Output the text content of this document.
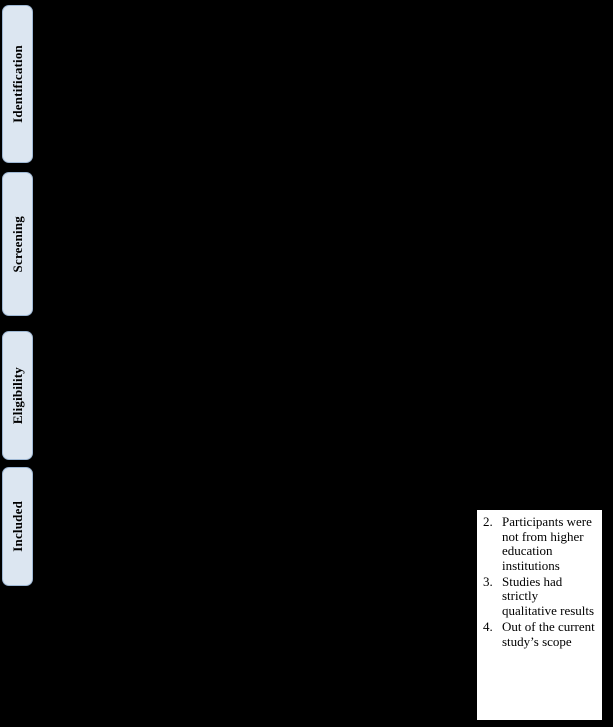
Identification
Screening
Eligibility
Included	2. Participants were not from higher education institutions
3. Studies had strictly qualitative results
4. Out of the current study’s scope
